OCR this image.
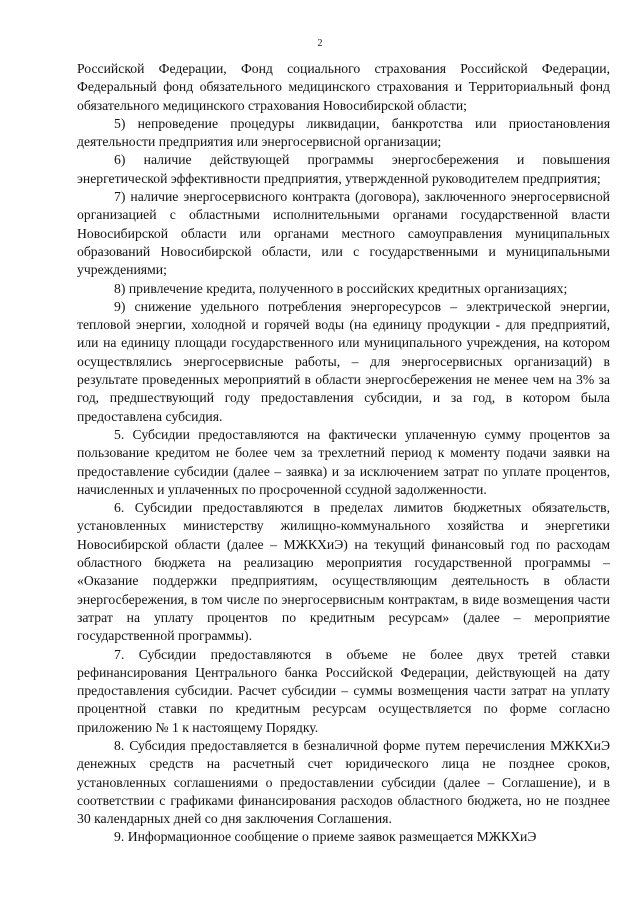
2

Российской Федерации, Фонд социального страхования Российской Федерации, Федеральный фонд обязательного медицинского страхования и Территориальный фонд обязательного медицинского страхования Новосибирской области;

5) непроведение процедуры ликвидации, банкротства или приостановления деятельности предприятия или энергосервисной организации;

6) наличие действующей программы энергосбережения и повышения энергетической эффективности предприятия, утвержденной руководителем предприятия;

7) наличие энергосервисного контракта (договора), заключенного энергосервисной организацией с областными исполнительными органами государственной власти Новосибирской области или органами местного самоуправления муниципальных образований Новосибирской области, или с государственными и муниципальными учреждениями;

8) привлечение кредита, полученного в российских кредитных организациях;

9) снижение удельного потребления энергоресурсов – электрической энергии, тепловой энергии, холодной и горячей воды (на единицу продукции - для предприятий, или на единицу площади государственного или муниципального учреждения, на котором осуществлялись энергосервисные работы, – для энергосервисных организаций) в результате проведенных мероприятий в области энергосбережения не менее чем на 3% за год, предшествующий году предоставления субсидии, и за год, в котором была предоставлена субсидия.

5. Субсидии предоставляются на фактически уплаченную сумму процентов за пользование кредитом не более чем за трехлетний период к моменту подачи заявки на предоставление субсидии (далее – заявка) и за исключением затрат по уплате процентов, начисленных и уплаченных по просроченной ссудной задолженности.

6. Субсидии предоставляются в пределах лимитов бюджетных обязательств, установленных министерству жилищно-коммунального хозяйства и энергетики Новосибирской области (далее – МЖКХиЭ) на текущий финансовый год по расходам областного бюджета на реализацию мероприятия государственной программы – «Оказание поддержки предприятиям, осуществляющим деятельность в области энергосбережения, в том числе по энергосервисным контрактам, в виде возмещения части затрат на уплату процентов по кредитным ресурсам» (далее – мероприятие государственной программы).

7. Субсидии предоставляются в объеме не более двух третей ставки рефинансирования Центрального банка Российской Федерации, действующей на дату предоставления субсидии. Расчет субсидии – суммы возмещения части затрат на уплату процентной ставки по кредитным ресурсам осуществляется по форме согласно приложению № 1 к настоящему Порядку.

8. Субсидия предоставляется в безналичной форме путем перечисления МЖКХиЭ денежных средств на расчетный счет юридического лица не позднее сроков, установленных соглашениями о предоставлении субсидии (далее – Соглашение), и в соответствии с графиками финансирования расходов областного бюджета, но не позднее 30 календарных дней со дня заключения Соглашения.

9. Информационное сообщение о приеме заявок размещается МЖКХиЭ
